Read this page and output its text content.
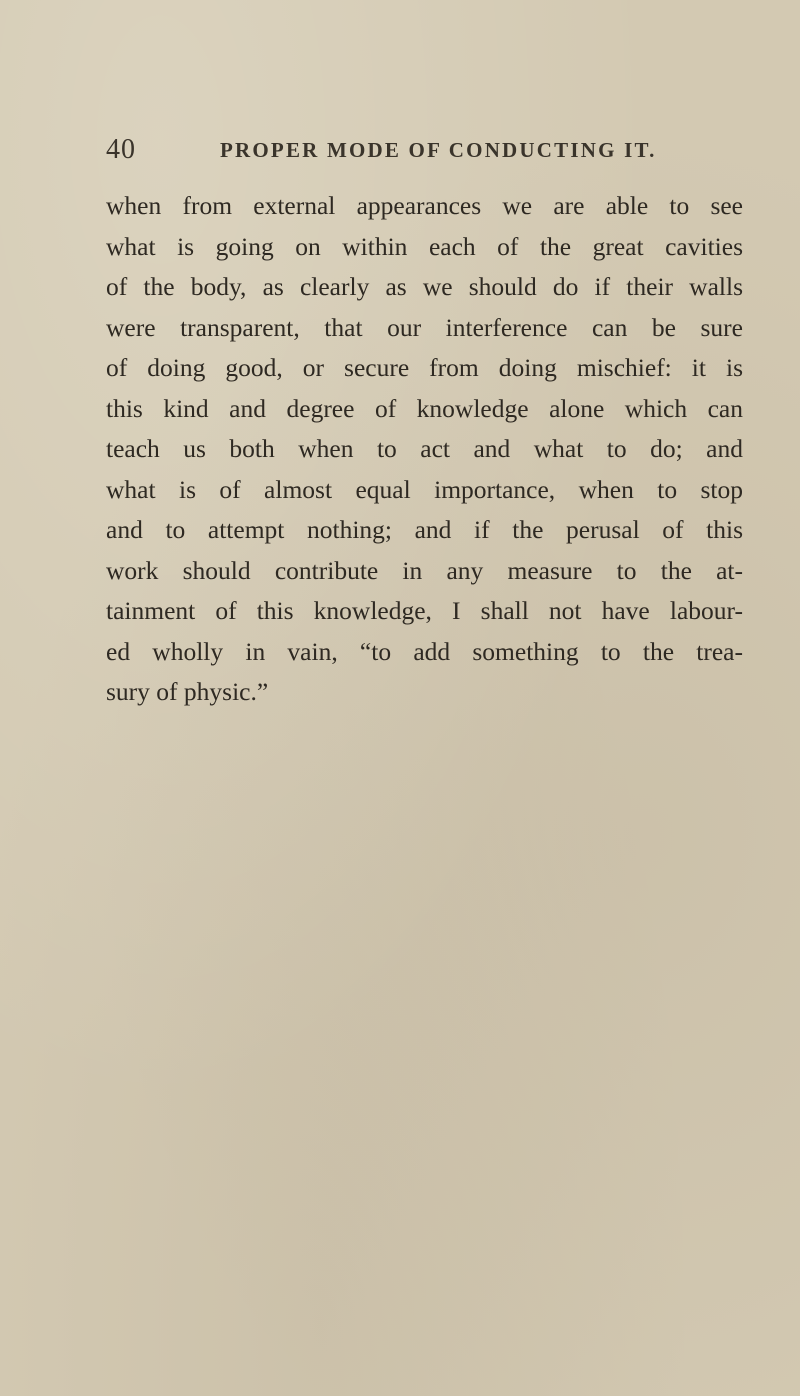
40	PROPER MODE OF CONDUCTING IT.
when from external appearances we are able to see
what is going on within each of the great cavities
of the body, as clearly as we should do if their walls
were transparent, that our interference can be sure
of doing good, or secure from doing mischief: it is
this kind and degree of knowledge alone which can
teach us both when to act and what to do; and
what is of almost equal importance, when to stop
and to attempt nothing; and if the perusal of this
work should contribute in any measure to the at-
tainment of this knowledge, I shall not have labour-
ed wholly in vain, “to add something to the trea-
sury of physic.”
